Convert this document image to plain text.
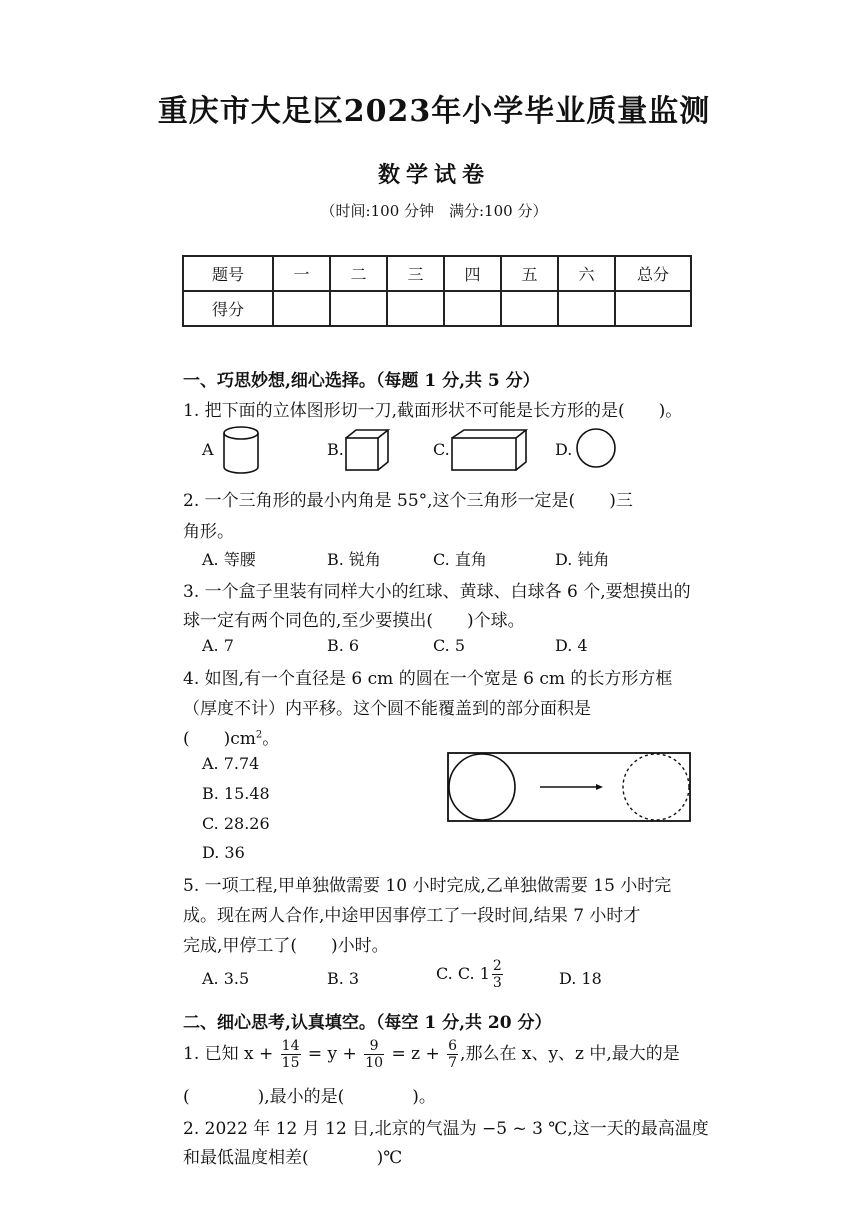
重庆市大足区2023年小学毕业质量监测
数学试卷
（时间:100 分钟　满分:100 分）
题号	一	二	三	四	五	六	总分
得分							
一、巧思妙想,细心选择。（每题 1 分,共 5 分）
1. 把下面的立体图形切一刀,截面形状不可能是长方形的是(　　)。
A	B.	C.	D.
2. 一个三角形的最小内角是 55°,这个三角形一定是(　　)三
角形。
A. 等腰	B. 锐角	C. 直角	D. 钝角
3. 一个盒子里装有同样大小的红球、黄球、白球各 6 个,要想摸出的
球一定有两个同色的,至少要摸出(　　)个球。
A. 7	B. 6	C. 5	D. 4
4. 如图,有一个直径是 6 cm 的圆在一个宽是 6 cm 的长方形方框
（厚度不计）内平移。这个圆不能覆盖到的部分面积是
(　　)$cm^2$。
A. 7.74
B. 15.48
C. 28.26
D. 36
5. 一项工程,甲单独做需要 10 小时完成,乙单独做需要 15 小时完
成。现在两人合作,中途甲因事停工了一段时间,结果 7 小时才
完成,甲停工了(　　)小时。
A. 3.5	B. 3	C. C. $1 \frac{2}{3}$	D. 18
二、细心思考,认真填空。（每空 1 分,共 20 分）
1. 已知 $x + \frac{14}{15} = y + \frac{9}{10} = z + \frac{6}{7}$ ,那么在 x、y、z 中,最大的是
(　　　　),最小的是(　　　　)。
2. 2022 年 12 月 12 日,北京的气温为 −5 ~ 3 ℃,这一天的最高温度
和最低温度相差(　　　　)℃
